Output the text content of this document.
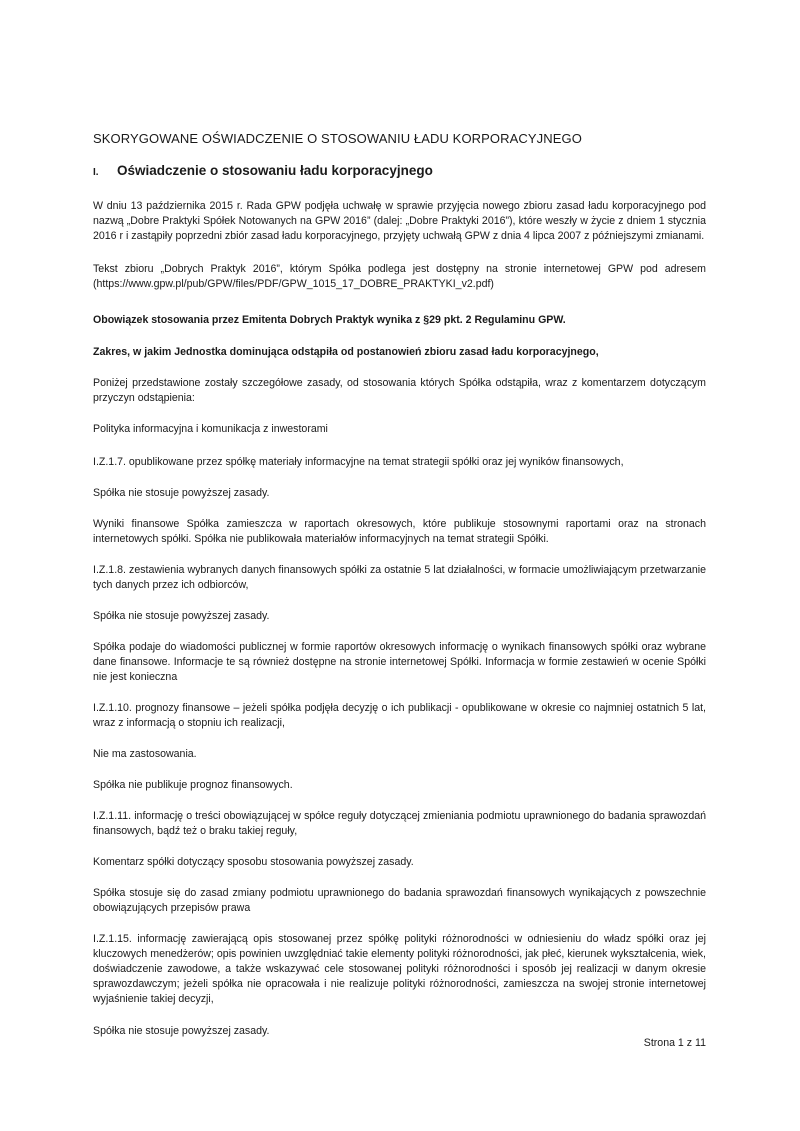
SKORYGOWANE OŚWIADCZENIE O STOSOWANIU ŁADU KORPORACYJNEGO
I. Oświadczenie o stosowaniu ładu korporacyjnego

W dniu 13 października 2015 r. Rada GPW podjęła uchwałę w sprawie przyjęcia nowego zbioru zasad ładu korporacyjnego pod nazwą „Dobre Praktyki Spółek Notowanych na GPW 2016” (dalej: „Dobre Praktyki 2016”), które weszły w życie z dniem 1 stycznia 2016 r i zastąpiły poprzedni zbiór zasad ładu korporacyjnego, przyjęty uchwałą GPW z dnia 4 lipca 2007 z późniejszymi zmianami.

Tekst zbioru „Dobrych Praktyk 2016”, którym Spółka podlega jest dostępny na stronie internetowej GPW pod adresem (https://www.gpw.pl/pub/GPW/files/PDF/GPW_1015_17_DOBRE_PRAKTYKI_v2.pdf)

Obowiązek stosowania przez Emitenta Dobrych Praktyk wynika z §29 pkt. 2 Regulaminu GPW.

Zakres, w jakim Jednostka dominująca odstąpiła od postanowień zbioru zasad ładu korporacyjnego,

Poniżej przedstawione zostały szczegółowe zasady, od stosowania których Spółka odstąpiła, wraz z komentarzem dotyczącym przyczyn odstąpienia:

Polityka informacyjna i komunikacja z inwestorami

I.Z.1.7. opublikowane przez spółkę materiały informacyjne na temat strategii spółki oraz jej wyników finansowych,

Spółka nie stosuje powyższej zasady.

Wyniki finansowe Spółka zamieszcza w raportach okresowych, które publikuje stosownymi raportami oraz na stronach internetowych spółki. Spółka nie publikowała materiałów informacyjnych na temat strategii Spółki.

I.Z.1.8. zestawienia wybranych danych finansowych spółki za ostatnie 5 lat działalności, w formacie umożliwiającym przetwarzanie tych danych przez ich odbiorców,

Spółka nie stosuje powyższej zasady.

Spółka podaje do wiadomości publicznej w formie raportów okresowych informację o wynikach finansowych spółki oraz wybrane dane finansowe. Informacje te są również dostępne na stronie internetowej Spółki. Informacja w formie zestawień w ocenie Spółki nie jest konieczna

I.Z.1.10. prognozy finansowe – jeżeli spółka podjęła decyzję o ich publikacji - opublikowane w okresie co najmniej ostatnich 5 lat, wraz z informacją o stopniu ich realizacji,

Nie ma zastosowania.

Spółka nie publikuje prognoz finansowych.

I.Z.1.11. informację o treści obowiązującej w spółce reguły dotyczącej zmieniania podmiotu uprawnionego do badania sprawozdań finansowych, bądź też o braku takiej reguły,

Komentarz spółki dotyczący sposobu stosowania powyższej zasady.

Spółka stosuje się do zasad zmiany podmiotu uprawnionego do badania sprawozdań finansowych wynikających z powszechnie obowiązujących przepisów prawa

I.Z.1.15. informację zawierającą opis stosowanej przez spółkę polityki różnorodności w odniesieniu do władz spółki oraz jej kluczowych menedżerów; opis powinien uwzględniać takie elementy polityki różnorodności, jak płeć, kierunek wykształcenia, wiek, doświadczenie zawodowe, a także wskazywać cele stosowanej polityki różnorodności i sposób jej realizacji w danym okresie sprawozdawczym; jeżeli spółka nie opracowała i nie realizuje polityki różnorodności, zamieszcza na swojej stronie internetowej wyjaśnienie takiej decyzji,

Spółka nie stosuje powyższej zasady.

Strona 1 z 11
